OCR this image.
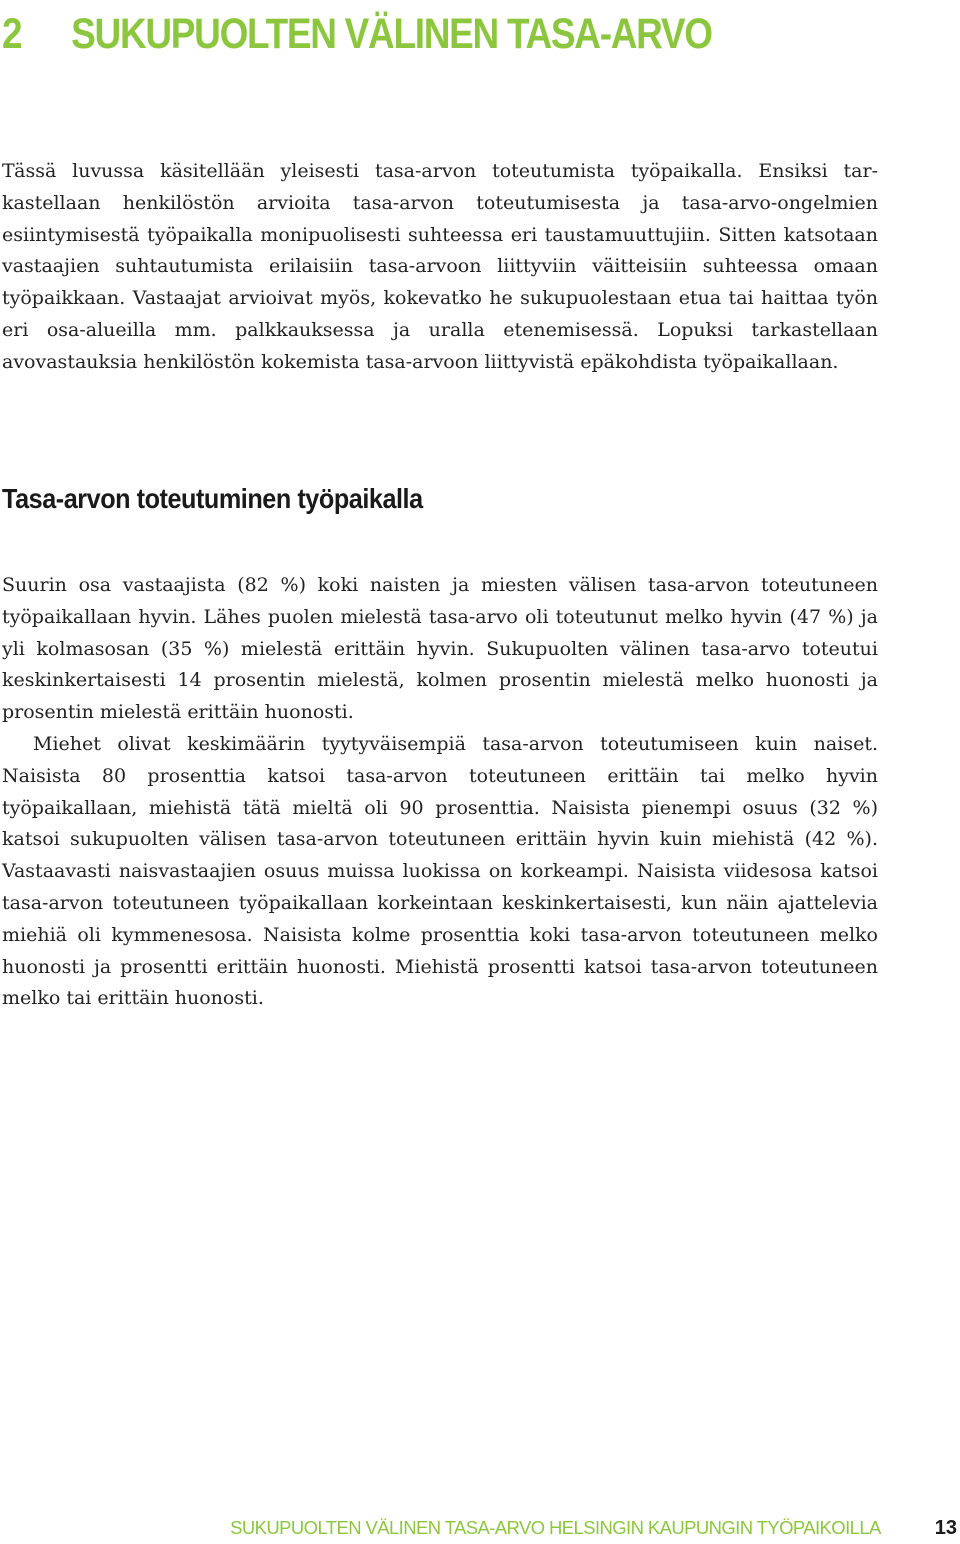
2 SUKUPUOLTEN VÄLINEN TASA-ARVO

Tässä luvussa käsitellään yleisesti tasa-arvon toteutumista työpaikalla. Ensiksi tarkastellaan henkilöstön arvioita tasa-arvon toteutumisesta ja tasa-arvo-ongelmien esiintymisestä työpaikalla monipuolisesti suhteessa eri taustamuuttujiin. Sitten katsotaan vastaajien suhtautumista erilaisiin tasa-arvoon liittyviin väitteisiin suhteessa omaan työpaikkaan. Vastaajat arvioivat myös, kokevatko he sukupuolestaan etua tai haittaa työn eri osa-alueilla mm. palkkauksessa ja uralla etenemisessä. Lopuksi tarkastellaan avovastauksia henkilöstön kokemista tasa-arvoon liittyvistä epäkohdista työpaikallaan.

Tasa-arvon toteutuminen työpaikalla

Suurin osa vastaajista (82 %) koki naisten ja miesten välisen tasa-arvon toteutuneen työpaikallaan hyvin. Lähes puolen mielestä tasa-arvo oli toteutunut melko hyvin (47 %) ja yli kolmasosan (35 %) mielestä erittäin hyvin. Sukupuolten välinen tasa-arvo toteutui keskinkertaisesti 14 prosentin mielestä, kolmen prosentin mielestä melko huonosti ja prosentin mielestä erittäin huonosti.

Miehet olivat keskimäärin tyytyväisempiä tasa-arvon toteutumiseen kuin naiset. Naisista 80 prosenttia katsoi tasa-arvon toteutuneen erittäin tai melko hyvin työpaikallaan, miehistä tätä mieltä oli 90 prosenttia. Naisista pienempi osuus (32 %) katsoi sukupuolten välisen tasa-arvon toteutuneen erittäin hyvin kuin miehistä (42 %). Vastaavasti naisvastaajien osuus muissa luokissa on korkeampi. Naisista viidesosa katsoi tasa-arvon toteutuneen työpaikallaan korkeintaan keskinkertaisesti, kun näin ajattelevia miehiä oli kymmenesosa. Naisista kolme prosenttia koki tasa-arvon toteutuneen melko huonosti ja prosentti erittäin huonosti. Miehistä prosentti katsoi tasa-arvon toteutuneen melko tai erittäin huonosti.

SUKUPUOLTEN VÄLINEN TASA-ARVO HELSINGIN KAUPUNGIN TYÖPAIKOILLA	13
